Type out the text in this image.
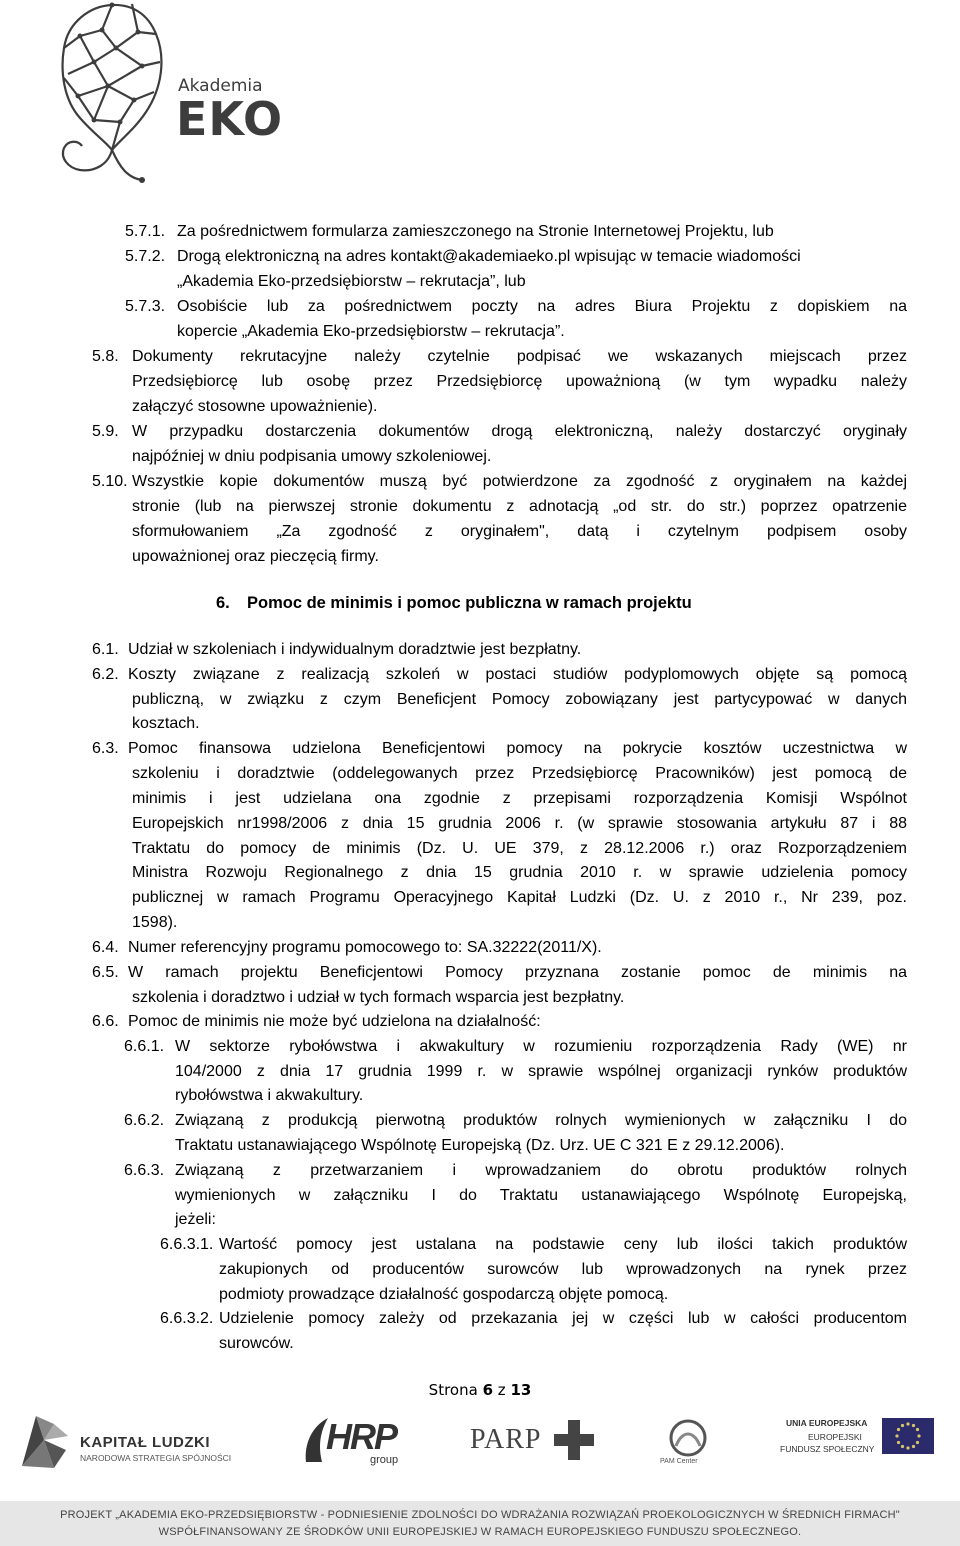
Akademia
EKO
5.7.1. Za pośrednictwem formularza zamieszczonego na Stronie Internetowej Projektu, lub
5.7.2. Drogą elektroniczną na adres kontakt@akademiaeko.pl wpisując w temacie wiadomości
„Akademia Eko-przedsiębiorstw – rekrutacja”, lub
5.7.3. Osobiście lub za pośrednictwem poczty na adres Biura Projektu z dopiskiem na
kopercie „Akademia Eko-przedsiębiorstw – rekrutacja”.
5.8. Dokumenty rekrutacyjne należy czytelnie podpisać we wskazanych miejscach przez
Przedsiębiorcę lub osobę przez Przedsiębiorcę upoważnioną (w tym wypadku należy
załączyć stosowne upoważnienie).
5.9. W przypadku dostarczenia dokumentów drogą elektroniczną, należy dostarczyć oryginały
najpóźniej w dniu podpisania umowy szkoleniowej.
5.10. Wszystkie kopie dokumentów muszą być potwierdzone za zgodność z oryginałem na każdej
stronie (lub na pierwszej stronie dokumentu z adnotacją „od str. do str.) poprzez opatrzenie
sformułowaniem „Za zgodność z oryginałem", datą i czytelnym podpisem osoby
upoważnionej oraz pieczęcią firmy.
6. Pomoc de minimis i pomoc publiczna w ramach projektu
6.1. Udział w szkoleniach i indywidualnym doradztwie jest bezpłatny.
6.2. Koszty związane z realizacją szkoleń w postaci studiów podyplomowych objęte są pomocą
publiczną, w związku z czym Beneficjent Pomocy zobowiązany jest partycypować w danych
kosztach.
6.3. Pomoc finansowa udzielona Beneficjentowi pomocy na pokrycie kosztów uczestnictwa w
szkoleniu i doradztwie (oddelegowanych przez Przedsiębiorcę Pracowników) jest pomocą de
minimis i jest udzielana ona zgodnie z przepisami rozporządzenia Komisji Wspólnot
Europejskich nr1998/2006 z dnia 15 grudnia 2006 r. (w sprawie stosowania artykułu 87 i 88
Traktatu do pomocy de minimis (Dz. U. UE 379, z 28.12.2006 r.) oraz Rozporządzeniem
Ministra Rozwoju Regionalnego z dnia 15 grudnia 2010 r. w sprawie udzielenia pomocy
publicznej w ramach Programu Operacyjnego Kapitał Ludzki (Dz. U. z 2010 r., Nr 239, poz.
1598).
6.4. Numer referencyjny programu pomocowego to: SA.32222(2011/X).
6.5. W ramach projektu Beneficjentowi Pomocy przyznana zostanie pomoc de minimis na
szkolenia i doradztwo i udział w tych formach wsparcia jest bezpłatny.
6.6. Pomoc de minimis nie może być udzielona na działalność:
6.6.1. W sektorze rybołówstwa i akwakultury w rozumieniu rozporządzenia Rady (WE) nr
104/2000 z dnia 17 grudnia 1999 r. w sprawie wspólnej organizacji rynków produktów
rybołówstwa i akwakultury.
6.6.2. Związaną z produkcją pierwotną produktów rolnych wymienionych w załączniku I do
Traktatu ustanawiającego Wspólnotę Europejską (Dz. Urz. UE C 321 E z 29.12.2006).
6.6.3. Związaną z przetwarzaniem i wprowadzaniem do obrotu produktów rolnych
wymienionych w załączniku I do Traktatu ustanawiającego Wspólnotę Europejską,
jeżeli:
6.6.3.1. Wartość pomocy jest ustalana na podstawie ceny lub ilości takich produktów
zakupionych od producentów surowców lub wprowadzonych na rynek przez
podmioty prowadzące działalność gospodarczą objęte pomocą.
6.6.3.2. Udzielenie pomocy zależy od przekazania jej w części lub w całości producentom
surowców.
Strona 6 z 13
KAPITAŁ LUDZKI
NARODOWA STRATEGIA SPÓJNOŚCI
HRP
group
PARP
PAM Center
UNIA EUROPEJSKA
EUROPEJSKI
FUNDUSZ SPOŁECZNY
PROJEKT „AKADEMIA EKO-PRZEDSIĘBIORSTW - PODNIESIENIE ZDOLNOŚCI DO WDRAŻANIA ROZWIĄZAŃ PROEKOLOGICZNYCH W ŚREDNICH FIRMACH"
WSPÓŁFINANSOWANY ZE ŚRODKÓW UNII EUROPEJSKIEJ W RAMACH EUROPEJSKIEGO FUNDUSZU SPOŁECZNEGO.
